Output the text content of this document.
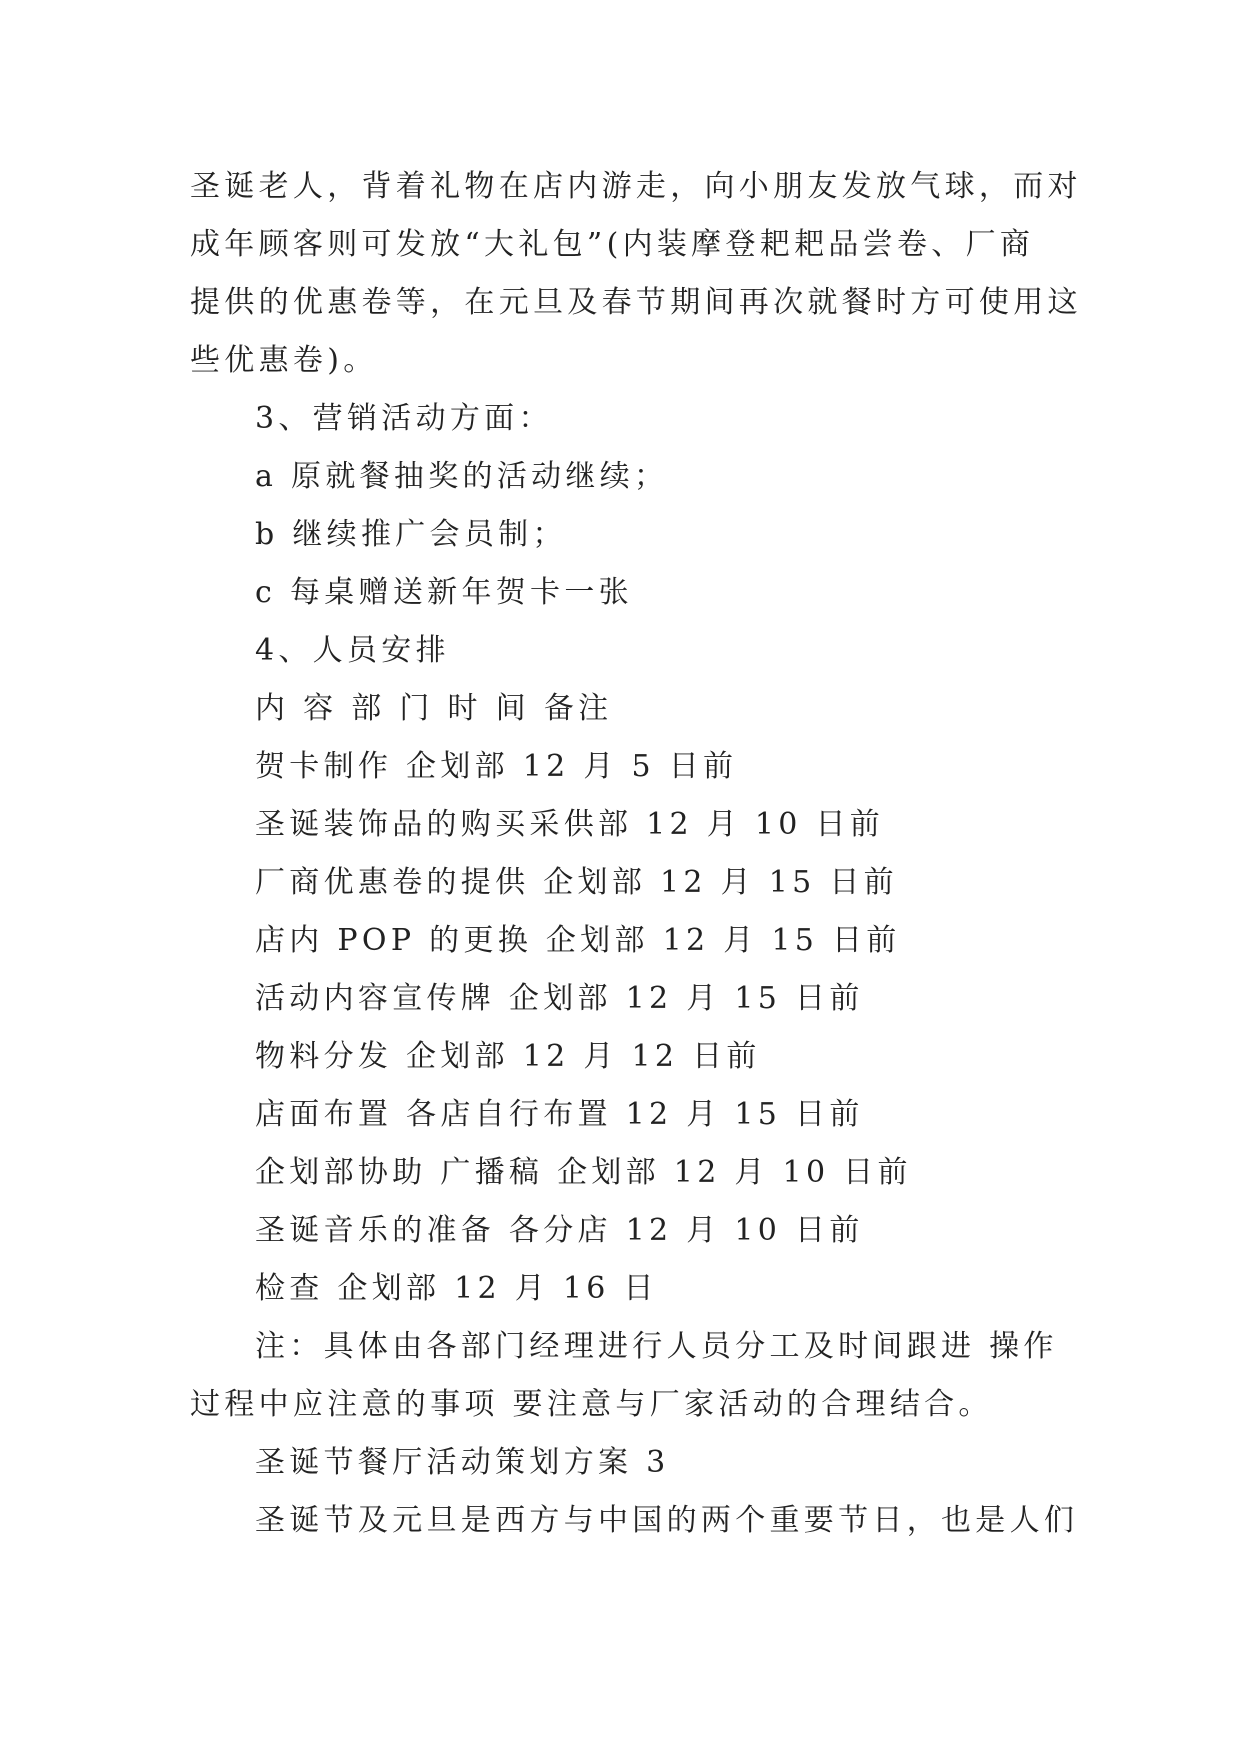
圣诞老人，背着礼物在店内游走，向小朋友发放气球，而对
成年顾客则可发放“大礼包”(内装摩登耙耙品尝卷、厂商
提供的优惠卷等，在元旦及春节期间再次就餐时方可使用这
些优惠卷)。
3、营销活动方面：
a 原就餐抽奖的活动继续；
b 继续推广会员制；
c 每桌赠送新年贺卡一张
4、人员安排
内 容 部 门 时 间 备注
贺卡制作 企划部 12 月 5 日前
圣诞装饰品的购买采供部 12 月 10 日前
厂商优惠卷的提供 企划部 12 月 15 日前
店内 POP 的更换 企划部 12 月 15 日前
活动内容宣传牌 企划部 12 月 15 日前
物料分发 企划部 12 月 12 日前
店面布置 各店自行布置 12 月 15 日前
企划部协助 广播稿 企划部 12 月 10 日前
圣诞音乐的准备 各分店 12 月 10 日前
检查 企划部 12 月 16 日
注：具体由各部门经理进行人员分工及时间跟进 操作
过程中应注意的事项 要注意与厂家活动的合理结合。
圣诞节餐厅活动策划方案 3
圣诞节及元旦是西方与中国的两个重要节日，也是人们
